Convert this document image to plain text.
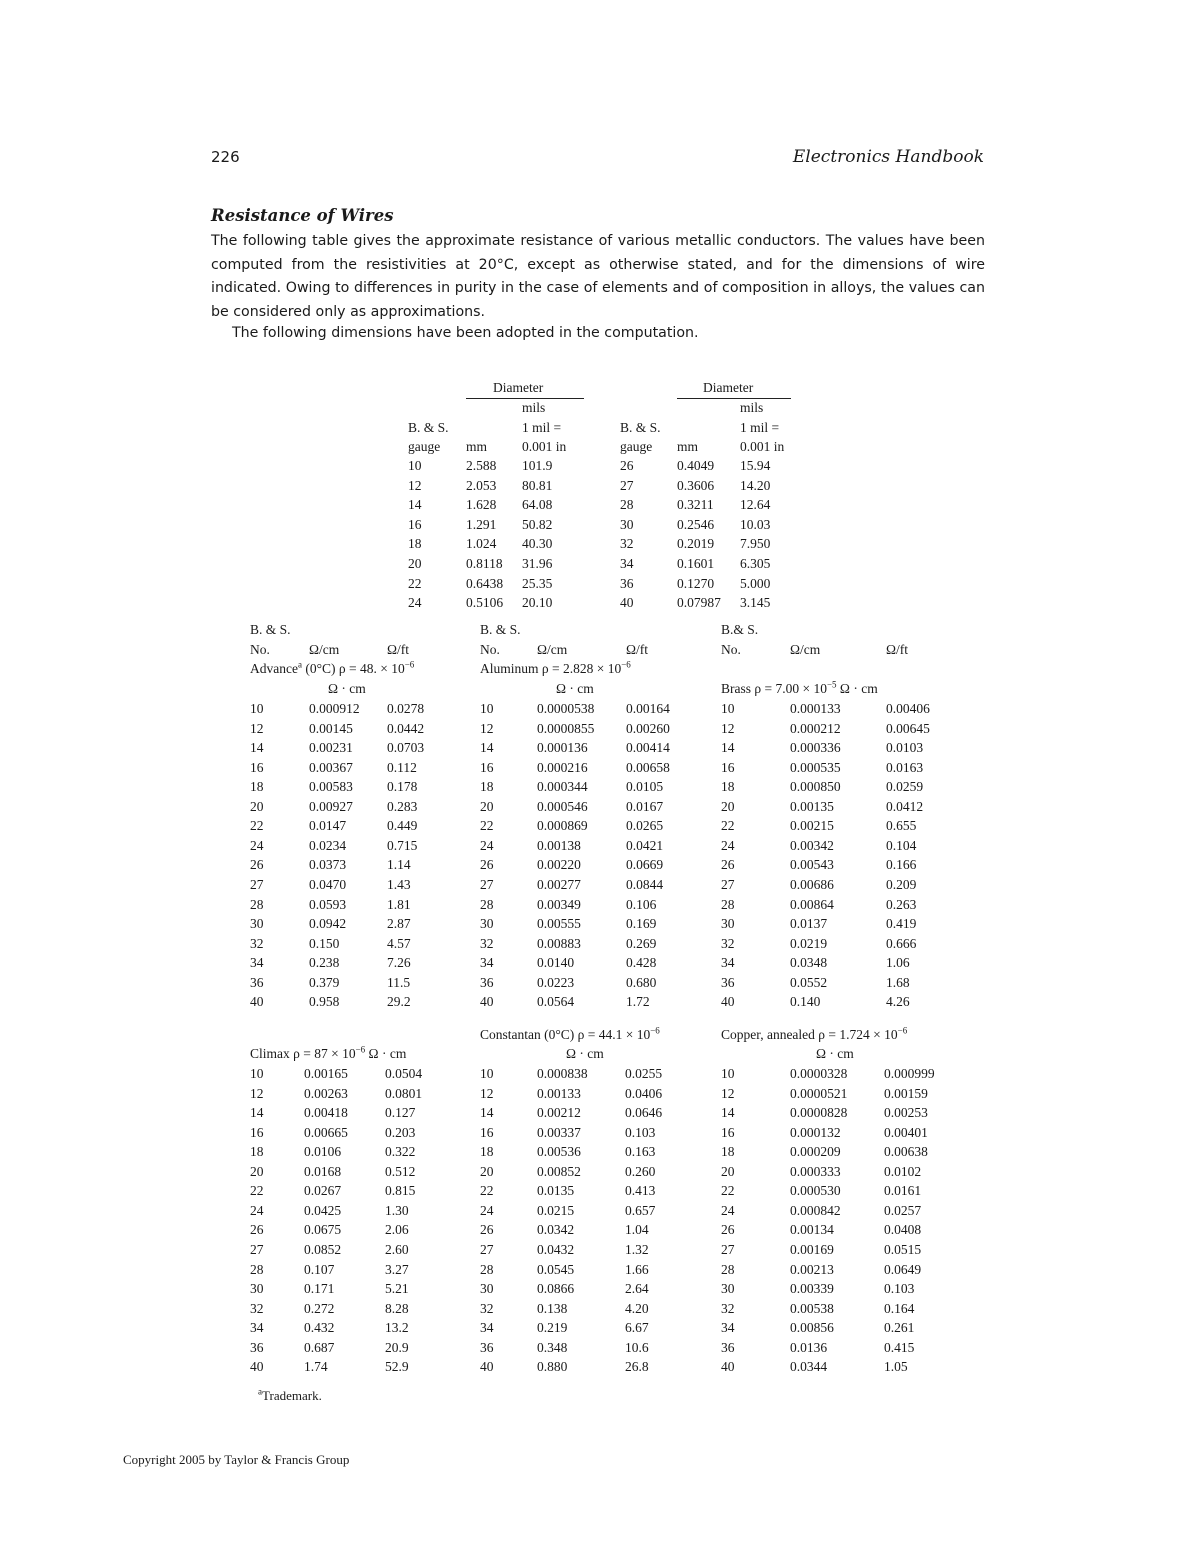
226	Electronics Handbook
Resistance of Wires

The following table gives the approximate resistance of various metallic conductors. The values have been computed from the resistivities at 20°C, except as otherwise stated, and for the dimensions of wire indicated. Owing to differences in purity in the case of elements and of composition in alloys, the values can be considered only as approximations.

The following dimensions have been adopted in the computation.

Diameter
mils
B. & S.	1 mil =
gauge mm	0.001 in
10	2.588 101.9
12	2.053 80.81
14	1.628 64.08
16	1.291 50.82
18	1.024 40.30
20	0.8118 31.96
22	0.6438 25.35
24	0.5106 20.10
Diameter
mils
B. & S.	1 mil =
gauge mm	0.001 in
26	0.4049 15.94
27	0.3606 14.20
28	0.3211 12.64
30	0.2546 10.03
32	0.2019 7.950
34	0.1601 6.305
36	0.1270 5.000
40	0.07987 3.145
B. & S.
No.	Ω/cm	Ω/ft
B. & S.
No.	Ω/cm	Ω/ft
B.& S.
No.	Ω/cm	Ω/ft
Advance$^a$ (0°C) ρ = 48. × $10^{-6}$
Ω · cm
Aluminum $\rho = 2.828 \times 10^{-6}$
Ω · cm	Brass $\rho = 7.00 \times 10^{-5}$ Ω · cm
10	0.000912 0.0278
12	0.00145	0.0442
14	0.00231	0.0703
16	0.00367	0.112
18	0.00583	0.178
20	0.00927	0.283
22	0.0147	0.449
24	0.0234	0.715
26	0.0373	1.14
27	0.0470	1.43
28	0.0593	1.81
30	0.0942	2.87
32	0.150	4.57
34	0.238	7.26
36	0.379	11.5
40	0.958	29.2
10	0.0000538 0.00164
12	0.0000855 0.00260
14	0.000136	0.00414
16	0.000216	0.00658
18	0.000344	0.0105
20	0.000546	0.0167
22	0.000869	0.0265
24	0.00138	0.0421
26	0.00220	0.0669
27	0.00277	0.0844
28	0.00349	0.106
30	0.00555	0.169
32	0.00883	0.269
34	0.0140	0.428
36	0.0223	0.680
40	0.0564	1.72
10	0.000133	0.00406
12	0.000212	0.00645
14	0.000336	0.0103
16	0.000535	0.0163
18	0.000850	0.0259
20	0.00135	0.0412
22	0.00215	0.655
24	0.00342	0.104
26	0.00543	0.166
27	0.00686	0.209
28	0.00864	0.263
30	0.0137	0.419
32	0.0219	0.666
34	0.0348	1.06
36	0.0552	1.68
40	0.140	4.26
Climax $\rho = 87 \times 10^{-6}$ Ω · cm
Constantan (0°C) $\rho = 44.1 \times 10^{-6}$
Ω · cm
Copper, annealed $\rho = 1.724 \times 10^{-6}$
Ω · cm
10	0.00165	0.0504
12	0.00263	0.0801
14	0.00418	0.127
16	0.00665	0.203
18	0.0106	0.322
20	0.0168	0.512
22	0.0267	0.815
24	0.0425	1.30
26	0.0675	2.06
27	0.0852	2.60
28	0.107	3.27
30	0.171	5.21
32	0.272	8.28
34	0.432	13.2
36	0.687	20.9
40	1.74	52.9
10	0.000838	0.0255
12	0.00133	0.0406
14	0.00212	0.0646
16	0.00337	0.103
18	0.00536	0.163
20	0.00852	0.260
22	0.0135	0.413
24	0.0215	0.657
26	0.0342	1.04
27	0.0432	1.32
28	0.0545	1.66
30	0.0866	2.64
32	0.138	4.20
34	0.219	6.67
36	0.348	10.6
40	0.880	26.8
10	0.0000328	0.000999
12	0.0000521	0.00159
14	0.0000828	0.00253
16	0.000132	0.00401
18	0.000209	0.00638
20	0.000333	0.0102
22	0.000530	0.0161
24	0.000842	0.0257
26	0.00134	0.0408
27	0.00169	0.0515
28	0.00213	0.0649
30	0.00339	0.103
32	0.00538	0.164
34	0.00856	0.261
36	0.0136	0.415
40	0.0344	1.05
$^a$Trademark.
Copyright 2005 by Taylor & Francis Group
